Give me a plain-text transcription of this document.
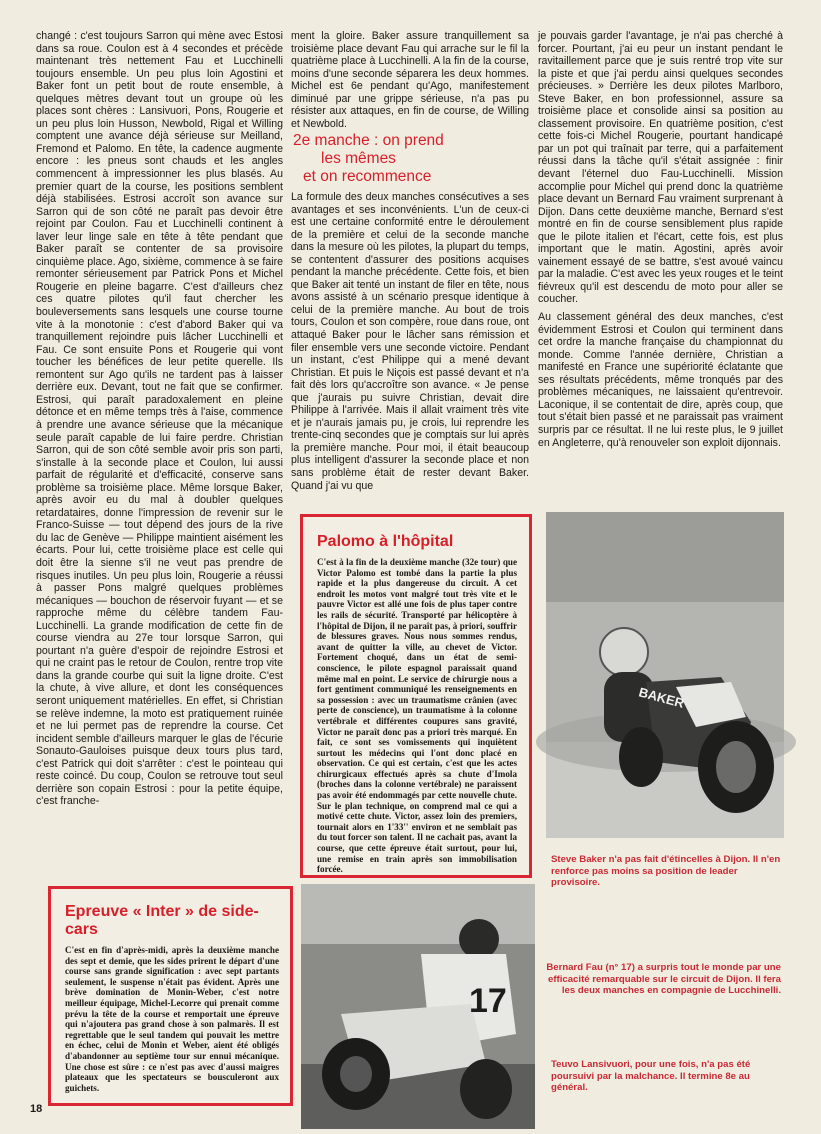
changé : c'est toujours Sarron qui mène avec Estosi dans sa roue. Coulon est à 4 secondes et précède maintenant très nettement Fau et Lucchinelli toujours ensemble. Un peu plus loin Agostini et Baker font un petit bout de route ensemble, à quelques mètres devant tout un groupe où les places sont chères : Lansivuori, Pons, Rougerie et un peu plus loin Husson, Newbold, Rigal et Willing comptent une avance déjà sérieuse sur Meilland, Fremond et Palomo. En tête, la cadence augmente encore : les pneus sont chauds et les angles commencent à impressionner les plus blasés. Au premier quart de la course, les positions semblent déjà stabilisées. Estrosi accroît son avance sur Sarron qui de son côté ne paraît pas devoir être rejoint par Coulon. Fau et Lucchinelli continent à laver leur linge sale en tête à tête pendant que Baker paraît se contenter de sa provisoire cinquième place. Ago, sixième, commence à se faire remonter sérieusement par Patrick Pons et Michel Rougerie en pleine bagarre. C'est d'ailleurs chez ces quatre pilotes qu'il faut chercher les bouleversements sans lesquels une course tourne vite à la monotonie : c'est d'abord Baker qui va tranquillement rejoindre puis lâcher Lucchinelli et Fau. Ce sont ensuite Pons et Rougerie qui vont toucher les bénéfices de leur petite querelle. Ils remontent sur Ago qu'ils ne tardent pas à laisser derrière eux. Devant, tout ne fait que se confirmer. Estrosi, qui paraît paradoxalement en pleine détonce et en même temps très à l'aise, commence à prendre une avance sérieuse que la mécanique seule paraît capable de lui faire perdre. Christian Sarron, qui de son côté semble avoir pris son parti, s'installe à la seconde place et Coulon, lui aussi parfait de régularité et d'efficacité, conserve sans problème sa troisième place. Même lorsque Baker, après avoir eu du mal à doubler quelques retardataires, donne l'impression de revenir sur le Franco-Suisse — tout dépend des jours de la rive du lac de Genève — Philippe maintient aisément les écarts. Pour lui, cette troisième place est celle qui doit être la sienne s'il ne veut pas prendre de risques inutiles. Un peu plus loin, Rougerie a réussi à passer Pons malgré quelques problèmes mécaniques — bouchon de réservoir fuyant — et se rapproche même du célèbre tandem Fau-Lucchinelli. La grande modification de cette fin de course viendra au 27e tour lorsque Sarron, qui pourtant n'a guère d'espoir de rejoindre Estrosi et qui ne craint pas le retour de Coulon, rentre trop vite dans la grande courbe qui suit la ligne droite. C'est la chute, à vive allure, et dont les conséquences seront uniquement matérielles. En effet, si Christian se relève indemne, la moto est pratiquement ruinée et ne lui permet pas de reprendre la course. Cet incident semble d'ailleurs marquer le glas de l'écurie Sonauto-Gauloises puisque deux tours plus tard, c'est Patrick qui doit s'arrêter : c'est le pointeau qui reste coincé. Du coup, Coulon se retrouve tout seul derrière son copain Estrosi : pour la petite équipe, c'est franche-

ment la gloire. Baker assure tranquillement sa troisième place devant Fau qui arrache sur le fil la quatrième place à Lucchinelli. A la fin de la course, moins d'une seconde séparera les deux hommes. Michel est 6e pendant qu'Ago, manifestement diminué par une grippe sérieuse, n'a pas pu résister aux attaques, en fin de course, de Willing et Newbold.

2e manche : on prend
les mêmes
et on recommence

La formule des deux manches consécutives a ses avantages et ses inconvénients. L'un de ceux-ci est une certaine conformité entre le déroulement de la première et celui de la seconde manche dans la mesure où les pilotes, la plupart du temps, se contentent d'assurer des positions acquises pendant la manche précédente. Cette fois, et bien que Baker ait tenté un instant de filer en tête, nous avons assisté à un scénario presque identique à celui de la première manche. Au bout de trois tours, Coulon et son compère, roue dans roue, ont attaqué Baker pour le lâcher sans rémission et filer ensemble vers une seconde victoire. Pendant un instant, c'est Philippe qui a mené devant Christian. Et puis le Niçois est passé devant et n'a fait dès lors qu'accroître son avance. « Je pense que j'aurais pu suivre Christian, devait dire Philippe à l'arrivée. Mais il allait vraiment très vite et je n'aurais jamais pu, je crois, lui reprendre les trente-cinq secondes que je comptais sur lui après la première manche. Pour moi, il était beaucoup plus intelligent d'assurer la seconde place et non sans problème était de rester devant Baker. Quand j'ai vu que

je pouvais garder l'avantage, je n'ai pas cherché à forcer. Pourtant, j'ai eu peur un instant pendant le ravitaillement parce que je suis rentré trop vite sur la piste et que j'ai perdu ainsi quelques secondes précieuses. » Derrière les deux pilotes Marlboro, Steve Baker, en bon professionnel, assure sa troisième place et consolide ainsi sa position au classement provisoire. En quatrième position, c'est cette fois-ci Michel Rougerie, pourtant handicapé par un pot qui traînait par terre, qui a parfaitement réussi dans la tâche qu'il s'était assignée : finir devant l'éternel duo Fau-Lucchinelli. Mission accomplie pour Michel qui prend donc la quatrième place devant un Bernard Fau vraiment surprenant à Dijon. Dans cette deuxième manche, Bernard s'est montré en fin de course sensiblement plus rapide que le pilote italien et l'écart, cette fois, est plus important que le matin. Agostini, après avoir vainement essayé de se battre, s'est avoué vaincu par la maladie. C'est avec les yeux rouges et le teint fiévreux qu'il est descendu de moto pour aller se coucher.

Au classement général des deux manches, c'est évidemment Estrosi et Coulon qui terminent dans cet ordre la manche française du championnat du monde. Comme l'année dernière, Christian a manifesté en France une supériorité éclatante que ses résultats précédents, même tronqués par des problèmes mécaniques, ne laissaient qu'entrevoir. Laconique, il se contentait de dire, après coup, que tout s'était bien passé et ne paraissait pas vraiment surpris par ce résultat. Il ne lui reste plus, le 9 juillet en Angleterre, qu'à renouveler son exploit dijonnais.

Palomo à l'hôpital
C'est à la fin de la deuxième manche (32e tour) que Victor Palomo est tombé dans la partie la plus rapide et la plus dangereuse du circuit. A cet endroit les motos vont malgré tout très vite et le pauvre Victor est allé une fois de plus taper contre les rails de sécurité. Transporté par hélicoptère à l'hôpital de Dijon, il ne paraît pas, à priori, souffrir de blessures graves. Nous nous sommes rendus, avant de quitter la ville, au chevet de Victor. Fortement choqué, dans un état de semi-conscience, le pilote espagnol paraissait quand même mal en point. Le service de chirurgie nous a fort gentiment communiqué les renseignements en sa possession : avec un traumatisme crânien (avec perte de conscience), un traumatisme à la colonne vertébrale et différentes coupures sans gravité, Victor ne paraît donc pas a priori très marqué. En fait, ce sont ses vomissements qui inquiètent surtout les médecins qui l'ont donc placé en observation. Ce qui est certain, c'est que les actes chirurgicaux effectués après sa chute d'Imola (broches dans la colonne vertébrale) ne paraissent pas avoir été endommagés par cette nouvelle chute. Sur le plan technique, on comprend mal ce qui a motivé cette chute. Victor, assez loin des premiers, tournait alors en 1'33'' environ et ne semblait pas du tout forcer son talent. Il ne cachait pas, avant la course, que cette épreuve était surtout, pour lui, une remise en train après son immobilisation forcée.
Epreuve « Inter » de side-cars
C'est en fin d'après-midi, après la deuxième manche des sept et demie, que les sides prirent le départ d'une course sans grande signification : avec sept partants seulement, le suspense n'était pas évident. Après une brève domination de Monin-Weber, c'est notre meilleur équipage, Michel-Lecorre qui prenait comme prévu la tête de la course et remportait une épreuve qui n'ajoutera pas grand chose à son palmarès. Il est regrettable que le seul tandem qui pouvait les mettre en échec, celui de Monin et Weber, aient été obligés d'abandonner au septième tour sur ennui mécanique. Une chose est sûre : ce n'est pas avec d'aussi maigres plateaux que les spectateurs se bousculeront aux guichets.
BAKER
17
Steve Baker n'a pas fait d'étincelles à Dijon. Il n'en renforce pas moins sa position de leader provisoire.
Bernard Fau (n° 17) a surpris tout le monde par une efficacité remarquable sur le circuit de Dijon. Il fera les deux manches en compagnie de Lucchinelli.
Teuvo Lansivuori, pour une fois, n'a pas été poursuivi par la malchance. Il termine 8e au général.
18
